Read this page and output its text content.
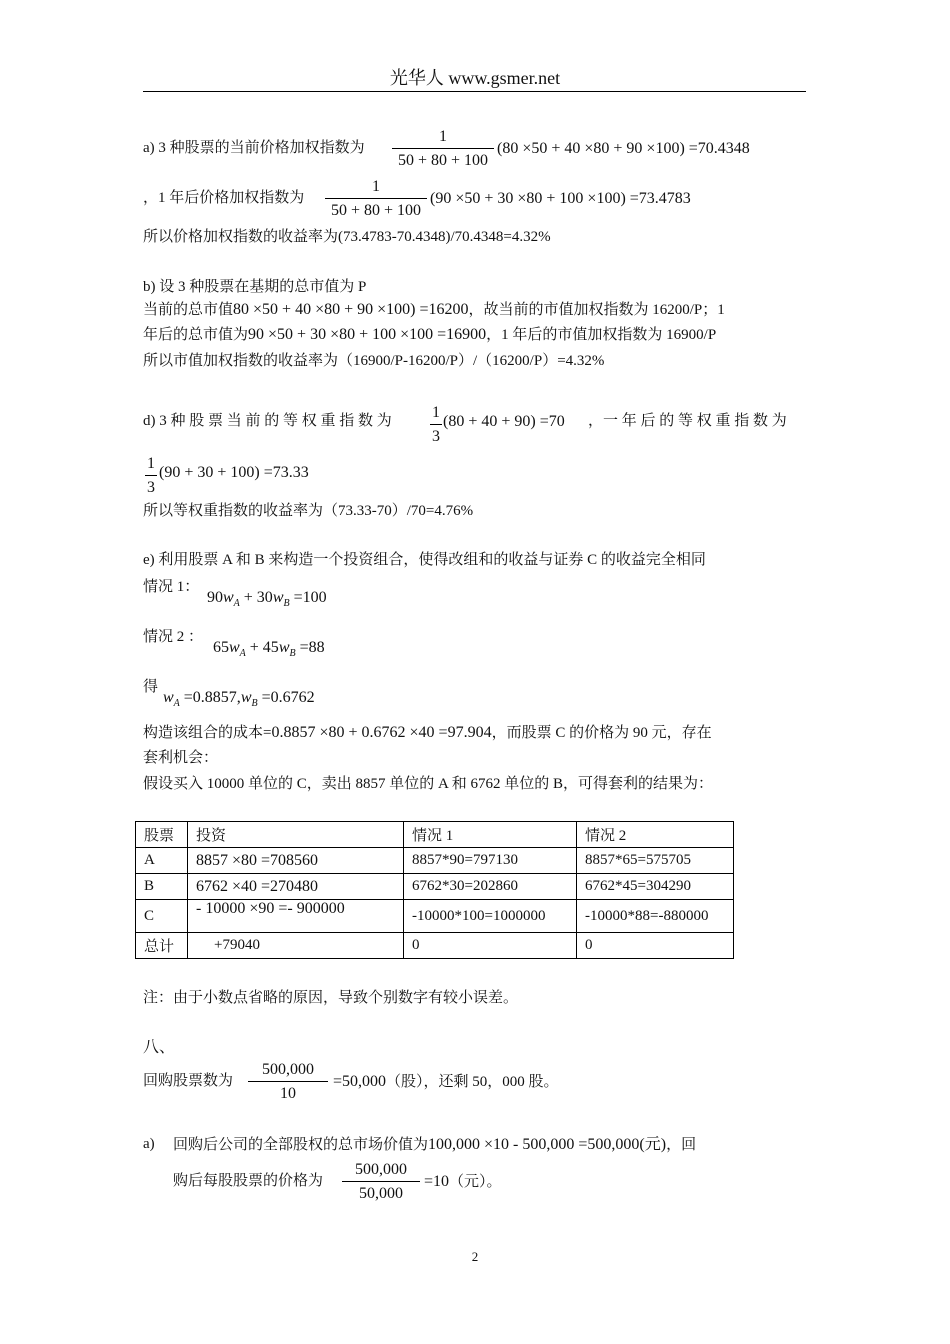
光华人 www.gsmer.net
a) 3 种股票的当前价格加权指数为
1
50 + 80 + 100
(80 ×50 + 40 ×80 + 90 ×100) =70.4348
，1 年后价格加权指数为
1
50 + 80 + 100
(90 ×50 + 30 ×80 + 100 ×100) =73.4783
所以价格加权指数的收益率为(73.4783-70.4348)/70.4348=4.32%
b) 设 3 种股票在基期的总市值为 P
当前的总市值80 ×50 + 40 ×80 + 90 ×100) =16200，故当前的市值加权指数为 16200/P；1
年后的总市值为90 ×50 + 30 ×80 + 100 ×100 =16900，1 年后的市值加权指数为 16900/P
所以市值加权指数的收益率为（16900/P-16200/P）/（16200/P）=4.32%
d) 3 种 股 票 当 前 的 等 权 重 指 数 为	1
3
(80 + 40 + 90) =70 ，一 年 后 的 等 权 重 指 数 为
1
3
(90 + 30 + 100) =73.33
所以等权重指数的收益率为（73.33-70）/70=4.76%
e) 利用股票 A 和 B 来构造一个投资组合，使得改组和的收益与证券 C 的收益完全相同
情况 1：
$90w_A + 30w_B =100$
情况 2 ：
$65w_A + 45w_B =88$
得
$w_A =0.8857,w_B =0.6762$
构造该组合的成本=0.8857 ×80 + 0.6762 ×40 =97.904，而股票 C 的价格为 90 元，存在
套利机会：
假设买入 10000 单位的 C，卖出 8857 单位的 A 和 6762 单位的 B，可得套利的结果为：
股票	投资	情况 1	情况 2
A	8857 ×80 =708560	8857*90=797130	8857*65=575705
B	6762 ×40 =270480	6762*30=202860	6762*45=304290
C	- 10000 ×90 =- 900000	-10000*100=1000000	-10000*88=-880000
总计	+79040	0	0
注：由于小数点省略的原因，导致个别数字有较小误差。
八、
回购股票数为
500,000
10
=50,000（股），还剩 50，000 股。
a) 回购后公司的全部股权的总市场价值为100,000 ×10 - 500,000 =500,000(元)，回
购后每股股票的价格为
500,000
50,000
=10（元）。
2
